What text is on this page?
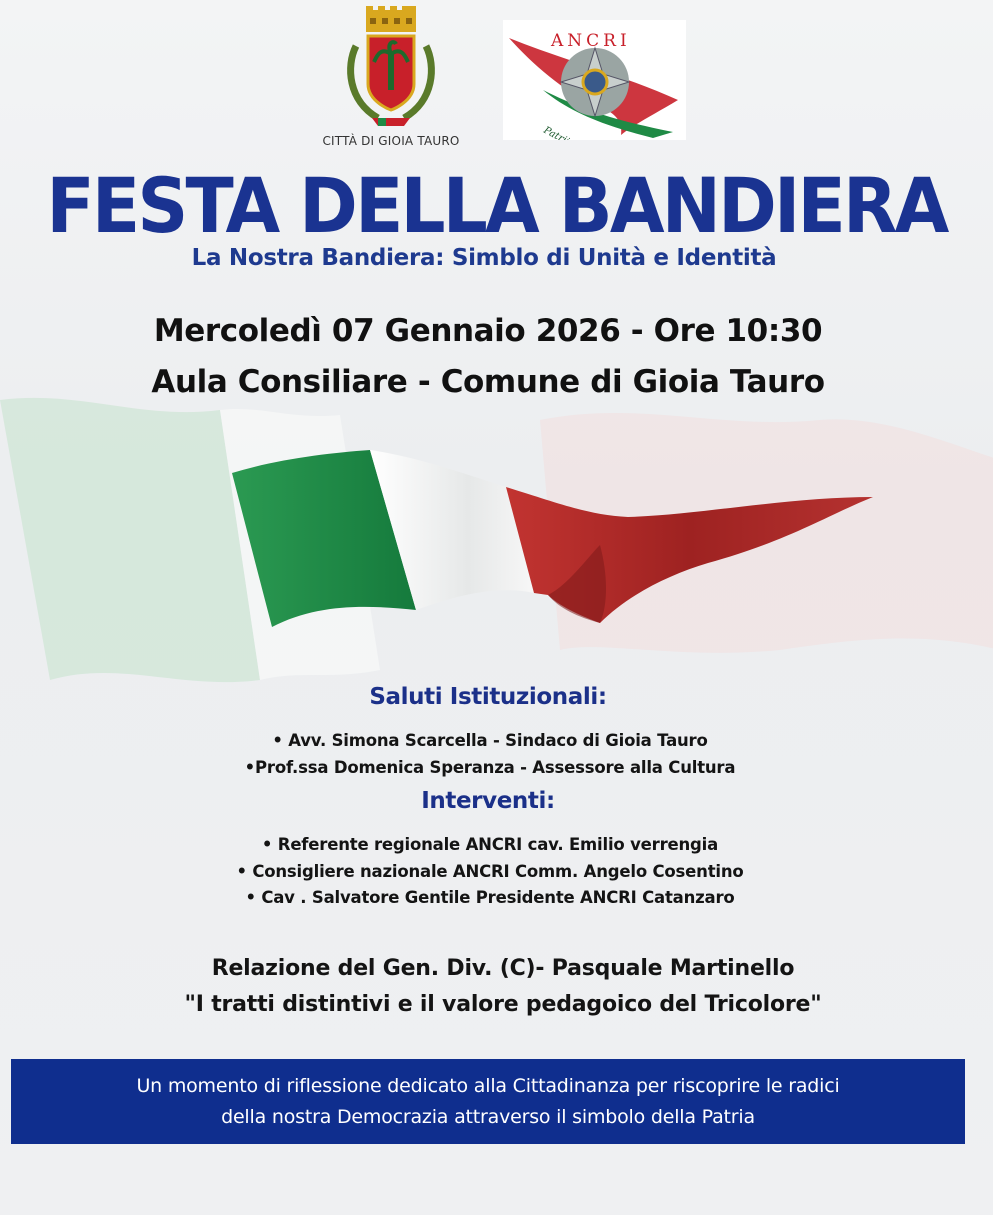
CITTÀ DI GIOIA TAURO
ANCRI
FESTA DELLA BANDIERA
La Nostra Bandiera: Simblo di Unità e Identità
Mercoledì 07 Gennaio 2026 - Ore 10:30
Aula Consiliare - Comune di Gioia Tauro
Saluti Istituzionali:
• Avv. Simona Scarcella - Sindaco di Gioia Tauro
•Prof.ssa Domenica Speranza - Assessore alla Cultura
Interventi:
• Referente regionale ANCRI cav. Emilio verrengia
• Consigliere nazionale ANCRI Comm. Angelo Cosentino
• Cav . Salvatore Gentile Presidente ANCRI Catanzaro
Relazione del Gen. Div. (C)- Pasquale Martinello
"I tratti distintivi e il valore pedagoico del Tricolore"
Un momento di riflessione dedicato alla Cittadinanza per riscoprire le radici
della nostra Democrazia attraverso il simbolo della Patria
